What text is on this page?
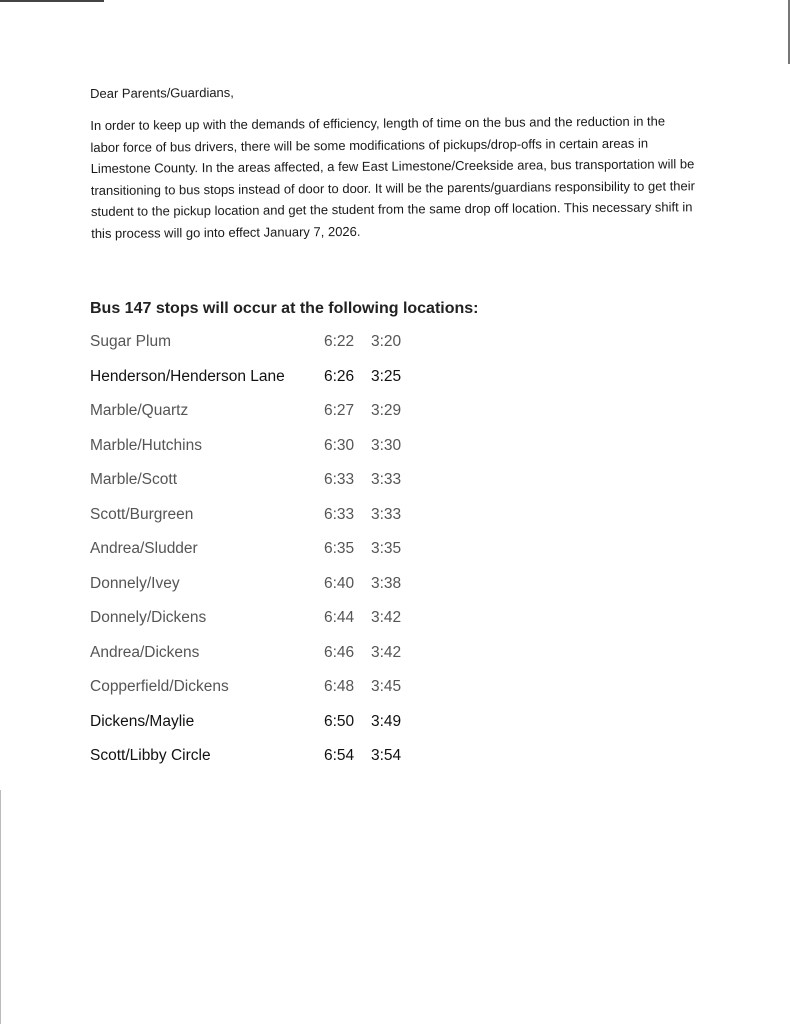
Dear Parents/Guardians,

In order to keep up with the demands of efficiency, length of time on the bus and the reduction in the labor force of bus drivers, there will be some modifications of pickups/drop-offs in certain areas in Limestone County. In the areas affected, a few East Limestone/Creekside area, bus transportation will be transitioning to bus stops instead of door to door. It will be the parents/guardians responsibility to get their student to the pickup location and get the student from the same drop off location. This necessary shift in this process will go into effect January 7, 2026.

Bus 147 stops will occur at the following locations:
Sugar Plum	6:22 3:20
Henderson/Henderson Lane	6:26 3:25
Marble/Quartz	6:27 3:29
Marble/Hutchins	6:30 3:30
Marble/Scott	6:33 3:33
Scott/Burgreen	6:33 3:33
Andrea/Sludder	6:35 3:35
Donnely/Ivey	6:40 3:38
Donnely/Dickens	6:44 3:42
Andrea/Dickens	6:46 3:42
Copperfield/Dickens	6:48 3:45
Dickens/Maylie	6:50 3:49
Scott/Libby Circle	6:54 3:54
